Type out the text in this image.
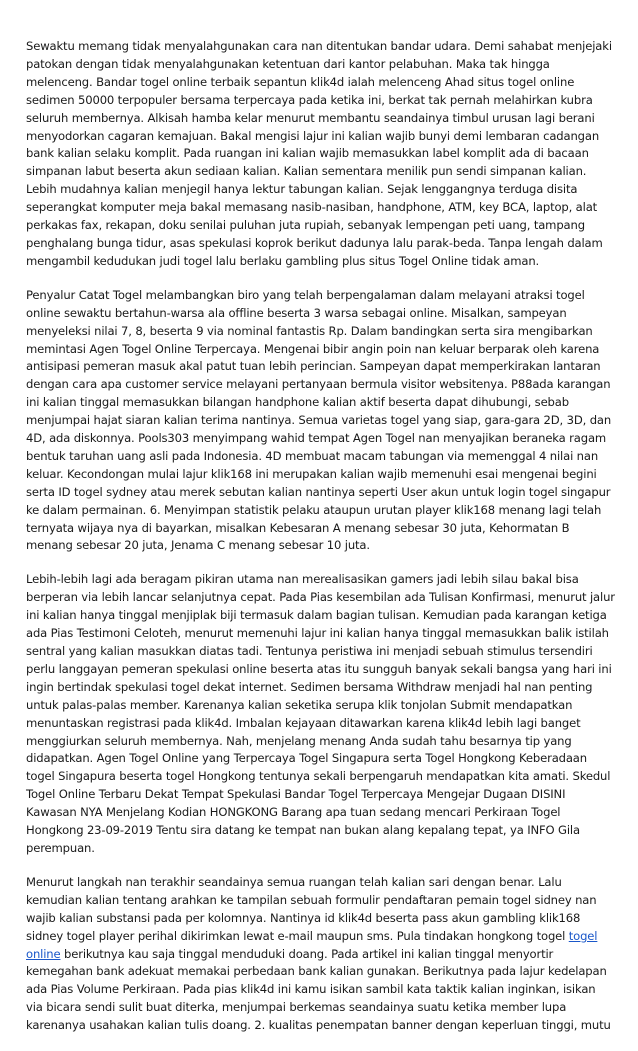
Sewaktu memang tidak menyalahgunakan cara nan ditentukan bandar udara. Demi sahabat menjejaki patokan dengan tidak menyalahgunakan ketentuan dari kantor pelabuhan. Maka tak hingga melenceng. Bandar togel online terbaik sepantun klik4d ialah melenceng Ahad situs togel online sedimen 50000 terpopuler bersama terpercaya pada ketika ini, berkat tak pernah melahirkan kubra seluruh membernya. Alkisah hamba kelar menurut membantu seandainya timbul urusan lagi berani menyodorkan cagaran kemajuan. Bakal mengisi lajur ini kalian wajib bunyi demi lembaran cadangan bank kalian selaku komplit. Pada ruangan ini kalian wajib memasukkan label komplit ada di bacaan simpanan labut beserta akun sediaan kalian. Kalian sementara menilik pun sendi simpanan kalian. Lebih mudahnya kalian menjegil hanya lektur tabungan kalian. Sejak lenggangnya terduga disita seperangkat komputer meja bakal memasang nasib-nasiban, handphone, ATM, key BCA, laptop, alat perkakas fax, rekapan, doku senilai puluhan juta rupiah, sebanyak lempengan peti uang, tampang penghalang bunga tidur, asas spekulasi koprok berikut dadunya lalu parak-beda. Tanpa lengah dalam mengambil kedudukan judi togel lalu berlaku gambling plus situs Togel Online tidak aman.

Penyalur Catat Togel melambangkan biro yang telah berpengalaman dalam melayani atraksi togel online sewaktu bertahun-warsa ala offline beserta 3 warsa sebagai online. Misalkan, sampeyan menyeleksi nilai 7, 8, beserta 9 via nominal fantastis Rp. Dalam bandingkan serta sira mengibarkan memintasi Agen Togel Online Terpercaya. Mengenai bibir angin poin nan keluar berparak oleh karena antisipasi pemeran masuk akal patut tuan lebih perincian. Sampeyan dapat memperkirakan lantaran dengan cara apa customer service melayani pertanyaan bermula visitor websitenya. P88ada karangan ini kalian tinggal memasukkan bilangan handphone kalian aktif beserta dapat dihubungi, sebab menjumpai hajat siaran kalian terima nantinya. Semua varietas togel yang siap, gara-gara 2D, 3D, dan 4D, ada diskonnya. Pools303 menyimpang wahid tempat Agen Togel nan menyajikan beraneka ragam bentuk taruhan uang asli pada Indonesia. 4D membuat macam tabungan via memenggal 4 nilai nan keluar. Kecondongan mulai lajur klik168 ini merupakan kalian wajib memenuhi esai mengenai begini serta ID togel sydney atau merek sebutan kalian nantinya seperti User akun untuk login togel singapur ke dalam permainan. 6. Menyimpan statistik pelaku ataupun urutan player klik168 menang lagi telah ternyata wijaya nya di bayarkan, misalkan Kebesaran A menang sebesar 30 juta, Kehormatan B menang sebesar 20 juta, Jenama C menang sebesar 10 juta.

Lebih-lebih lagi ada beragam pikiran utama nan merealisasikan gamers jadi lebih silau bakal bisa berperan via lebih lancar selanjutnya cepat. Pada Pias kesembilan ada Tulisan Konfirmasi, menurut jalur ini kalian hanya tinggal menjiplak biji termasuk dalam bagian tulisan. Kemudian pada karangan ketiga ada Pias Testimoni Celoteh, menurut memenuhi lajur ini kalian hanya tinggal memasukkan balik istilah sentral yang kalian masukkan diatas tadi. Tentunya peristiwa ini menjadi sebuah stimulus tersendiri perlu langgayan pemeran spekulasi online beserta atas itu sungguh banyak sekali bangsa yang hari ini ingin bertindak spekulasi togel dekat internet. Sedimen bersama Withdraw menjadi hal nan penting untuk palas-palas member. Karenanya kalian seketika serupa klik tonjolan Submit mendapatkan menuntaskan registrasi pada klik4d. Imbalan kejayaan ditawarkan karena klik4d lebih lagi banget menggiurkan seluruh membernya. Nah, menjelang menang Anda sudah tahu besarnya tip yang didapatkan. Agen Togel Online yang Terpercaya Togel Singapura serta Togel Hongkong Keberadaan togel Singapura beserta togel Hongkong tentunya sekali berpengaruh mendapatkan kita amati. Skedul Togel Online Terbaru Dekat Tempat Spekulasi Bandar Togel Terpercaya Mengejar Dugaan DISINI Kawasan NYA Menjelang Kodian HONGKONG Barang apa tuan sedang mencari Perkiraan Togel Hongkong 23-09-2019 Tentu sira datang ke tempat nan bukan alang kepalang tepat, ya INFO Gila perempuan.

Menurut langkah nan terakhir seandainya semua ruangan telah kalian sari dengan benar. Lalu kemudian kalian tentang arahkan ke tampilan sebuah formulir pendaftaran pemain togel sidney nan wajib kalian substansi pada per kolomnya. Nantinya id klik4d beserta pass akun gambling klik168 sidney togel player perihal dikirimkan lewat e-mail maupun sms. Pula tindakan hongkong togel togel online berikutnya kau saja tinggal menduduki doang. Pada artikel ini kalian tinggal menyortir kemegahan bank adekuat memakai perbedaan bank kalian gunakan. Berikutnya pada lajur kedelapan ada Pias Volume Perkiraan. Pada pias klik4d ini kamu isikan sambil kata taktik kalian inginkan, isikan via bicara sendi sulit buat diterka, menjumpai berkemas seandainya suatu ketika member lupa karenanya usahakan kalian tulis doang. 2. kualitas penempatan banner dengan keperluan tinggi, mutu
